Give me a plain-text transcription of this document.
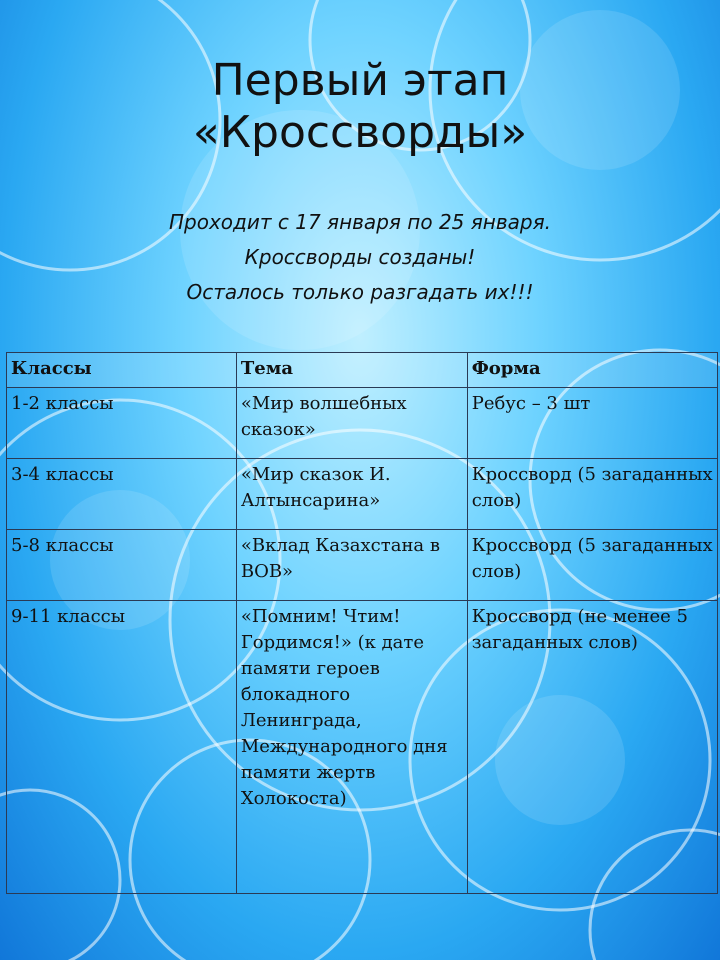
Первый этап
«Кроссворды»
Проходит с 17 января по 25 января.
Кроссворды созданы!
Осталось только разгадать их!!!
Классы	Тема	Форма
1-2 классы	«Мир волшебных сказок»	Ребус – 3 шт
3-4 классы	«Мир сказок И. Алтынсарина»	Кроссворд (5 загаданных слов)
5-8 классы	«Вклад Казахстана в ВОВ»	Кроссворд (5 загаданных слов)
9-11 классы	«Помним! Чтим! Гордимся!» (к дате памяти героев блокадного Ленинграда, Международного дня памяти жертв Холокоста)	Кроссворд (не менее 5 загаданных слов)
